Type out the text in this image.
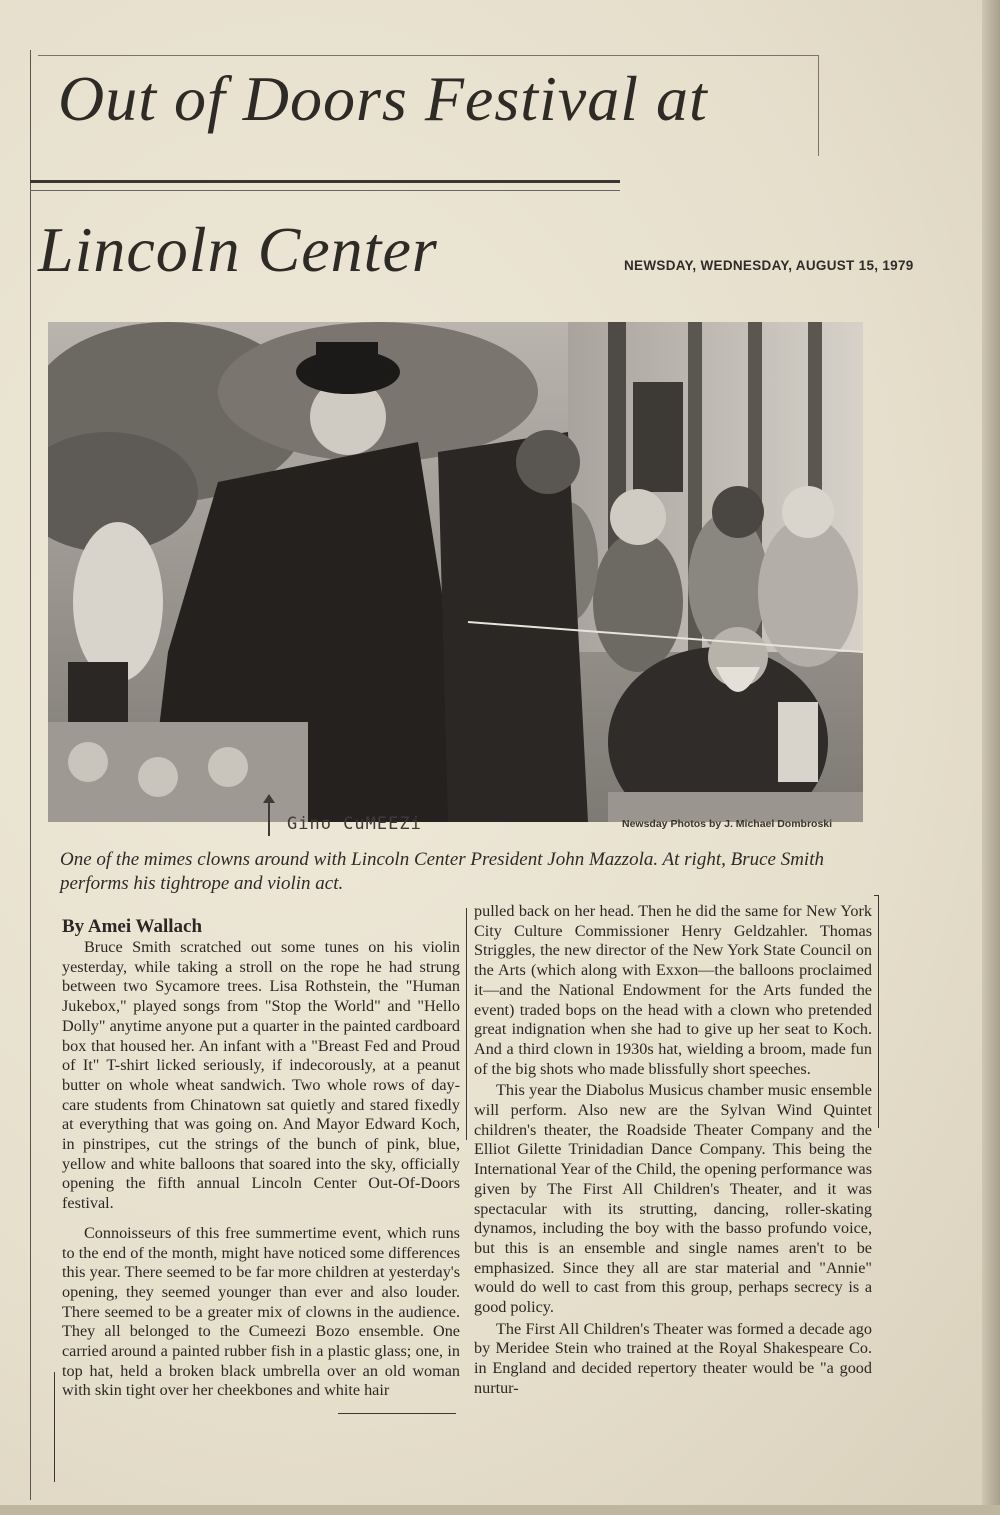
Out of Doors Festival at
Lincoln Center	NEWSDAY, WEDNESDAY, AUGUST 15, 1979
Gino CuMEEZi	Newsday Photos by J. Michael Dombroski
One of the mimes clowns around with Lincoln Center President John Mazzola. At right, Bruce Smith performs his tightrope and violin act.
By Amei Wallach

Bruce Smith scratched out some tunes on his violin yesterday, while taking a stroll on the rope he had strung between two Sycamore trees. Lisa Rothstein, the "Human Jukebox," played songs from "Stop the World" and "Hello Dolly" anytime anyone put a quarter in the painted cardboard box that housed her. An infant with a "Breast Fed and Proud of It" T-shirt licked seriously, if indecorously, at a peanut butter on whole wheat sandwich. Two whole rows of day-care students from Chinatown sat quietly and stared fixedly at everything that was going on. And Mayor Edward Koch, in pinstripes, cut the strings of the bunch of pink, blue, yellow and white balloons that soared into the sky, officially opening the fifth annual Lincoln Center Out-Of-Doors festival.

Connoisseurs of this free summertime event, which runs to the end of the month, might have noticed some differences this year. There seemed to be far more children at yesterday's opening, they seemed younger than ever and also louder. There seemed to be a greater mix of clowns in the audience. They all belonged to the Cumeezi Bozo ensemble. One carried around a painted rubber fish in a plastic glass; one, in top hat, held a broken black umbrella over an old woman with skin tight over her cheekbones and white hair

pulled back on her head. Then he did the same for New York City Culture Commissioner Henry Geldzahler. Thomas Striggles, the new director of the New York State Council on the Arts (which along with Exxon—the balloons proclaimed it—and the National Endowment for the Arts funded the event) traded bops on the head with a clown who pretended great indignation when she had to give up her seat to Koch. And a third clown in 1930s hat, wielding a broom, made fun of the big shots who made blissfully short speeches.

This year the Diabolus Musicus chamber music ensemble will perform. Also new are the Sylvan Wind Quintet children's theater, the Roadside Theater Company and the Elliot Gilette Trinidadian Dance Company. This being the International Year of the Child, the opening performance was given by The First All Children's Theater, and it was spectacular with its strutting, dancing, roller-skating dynamos, including the boy with the basso profundo voice, but this is an ensemble and single names aren't to be emphasized. Since they all are star material and "Annie" would do well to cast from this group, perhaps secrecy is a good policy.

The First All Children's Theater was formed a decade ago by Meridee Stein who trained at the Royal Shakespeare Co. in England and decided repertory theater would be "a good nurtur-
